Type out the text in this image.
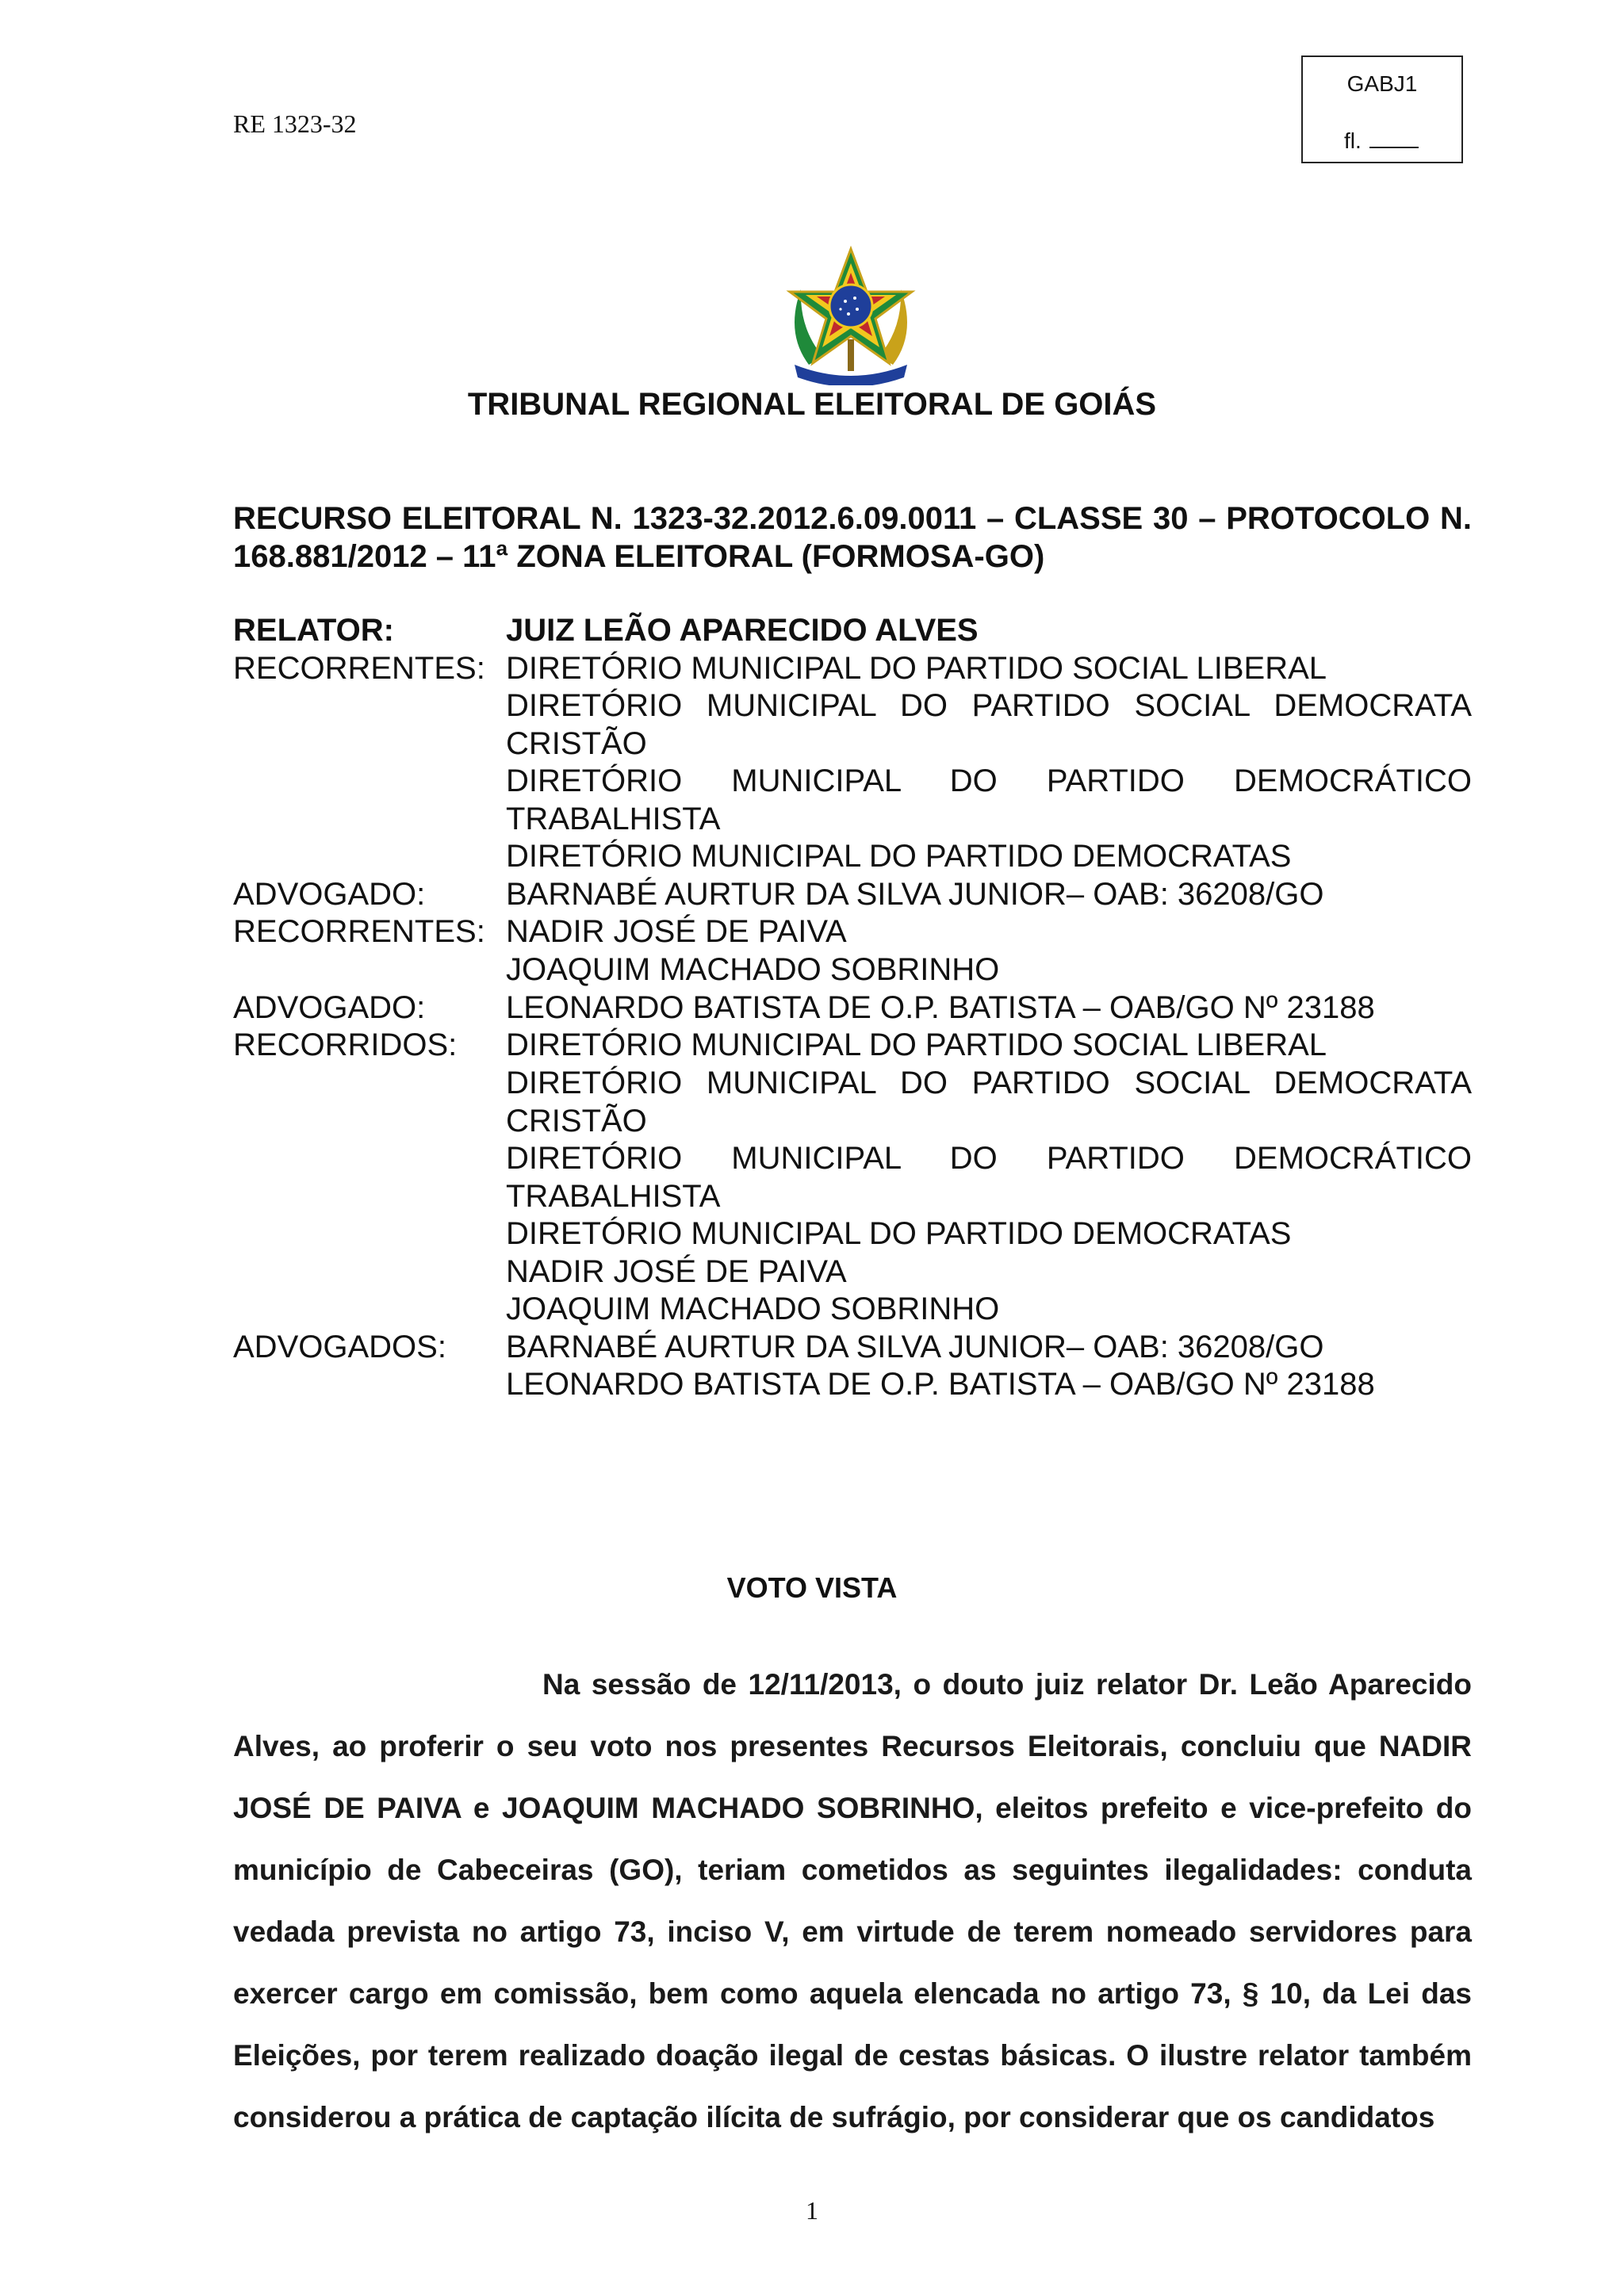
RE 1323-32
GABJ1
fl.
TRIBUNAL REGIONAL ELEITORAL DE GOIÁS
RECURSO ELEITORAL N. 1323-32.2012.6.09.0011 – CLASSE 30 – PROTOCOLO N. 168.881/2012 – 11ª ZONA ELEITORAL (FORMOSA-GO)
RELATOR:	JUIZ LEÃO APARECIDO ALVES
RECORRENTES: DIRETÓRIO MUNICIPAL DO PARTIDO SOCIAL LIBERAL
DIRETÓRIO MUNICIPAL DO PARTIDO SOCIAL DEMOCRATA CRISTÃO
DIRETÓRIO MUNICIPAL DO PARTIDO DEMOCRÁTICO TRABALHISTA
DIRETÓRIO MUNICIPAL DO PARTIDO DEMOCRATAS
ADVOGADO:	BARNABÉ AURTUR DA SILVA JUNIOR– OAB: 36208/GO
RECORRENTES: NADIR JOSÉ DE PAIVA
JOAQUIM MACHADO SOBRINHO
ADVOGADO:	LEONARDO BATISTA DE O.P. BATISTA – OAB/GO Nº 23188
RECORRIDOS: DIRETÓRIO MUNICIPAL DO PARTIDO SOCIAL LIBERAL
DIRETÓRIO MUNICIPAL DO PARTIDO SOCIAL DEMOCRATA CRISTÃO
DIRETÓRIO MUNICIPAL DO PARTIDO DEMOCRÁTICO TRABALHISTA
DIRETÓRIO MUNICIPAL DO PARTIDO DEMOCRATAS
NADIR JOSÉ DE PAIVA
JOAQUIM MACHADO SOBRINHO
ADVOGADOS: BARNABÉ AURTUR DA SILVA JUNIOR– OAB: 36208/GO
LEONARDO BATISTA DE O.P. BATISTA – OAB/GO Nº 23188
VOTO VISTA
Na sessão de 12/11/2013, o douto juiz relator Dr. Leão Aparecido Alves, ao proferir o seu voto nos presentes Recursos Eleitorais, concluiu que NADIR JOSÉ DE PAIVA e JOAQUIM MACHADO SOBRINHO, eleitos prefeito e vice-prefeito do município de Cabeceiras (GO), teriam cometidos as seguintes ilegalidades: conduta vedada prevista no artigo 73, inciso V, em virtude de terem nomeado servidores para exercer cargo em comissão, bem como aquela elencada no artigo 73, § 10, da Lei das Eleições, por terem realizado doação ilegal de cestas básicas. O ilustre relator também considerou a prática de captação ilícita de sufrágio, por considerar que os candidatos
1
